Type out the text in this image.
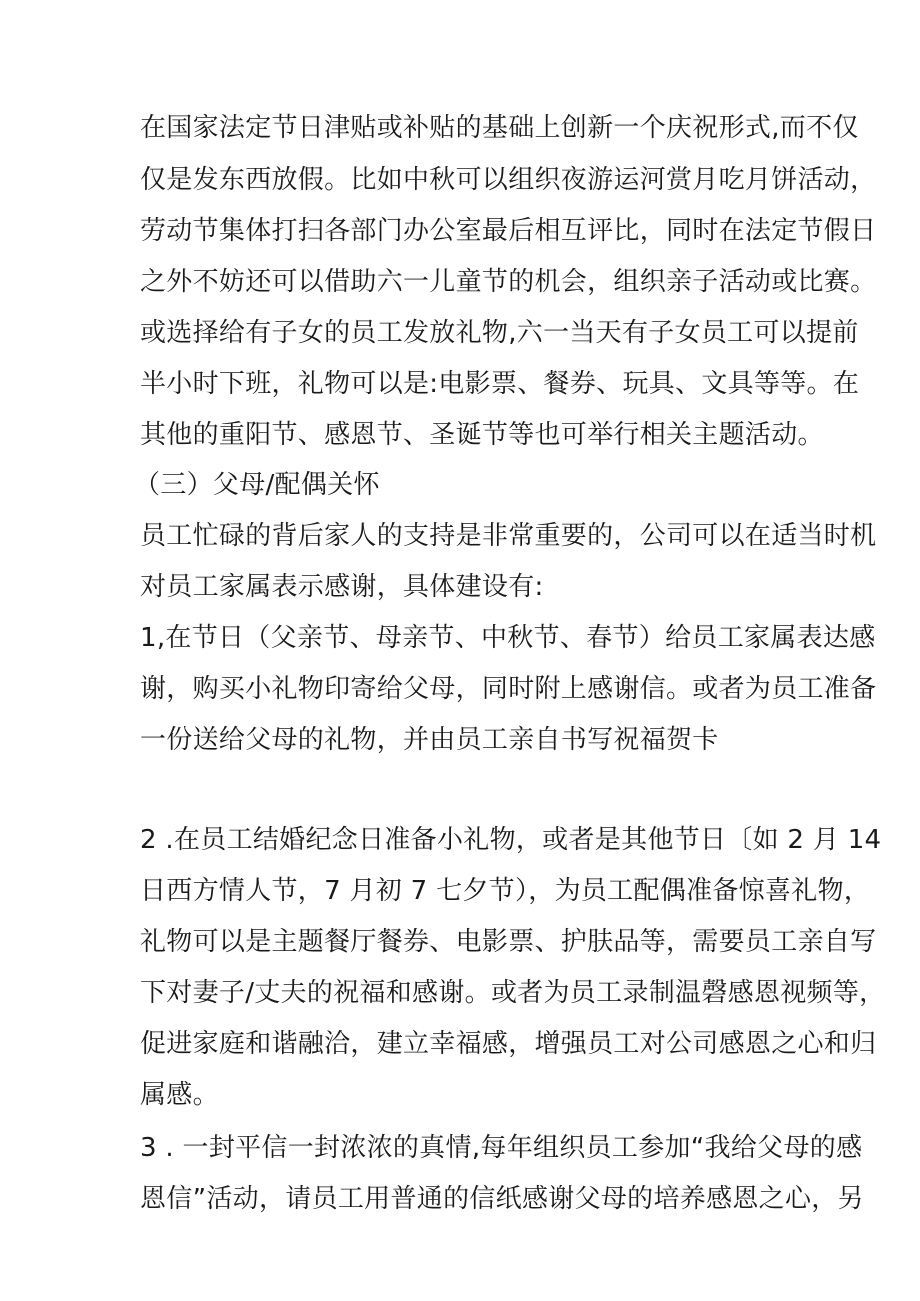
在国家法定节日津贴或补贴的基础上创新一个庆祝形式,而不仅
仅是发东西放假。比如中秋可以组织夜游运河赏月吃月饼活动，
劳动节集体打扫各部门办公室最后相互评比，同时在法定节假日
之外不妨还可以借助六一儿童节的机会，组织亲子活动或比赛。
或选择给有子女的员工发放礼物,六一当天有子女员工可以提前
半小时下班，礼物可以是:电影票、餐券、玩具、文具等等。在
其他的重阳节、感恩节、圣诞节等也可举行相关主题活动。
（三）父母/配偶关怀
员工忙碌的背后家人的支持是非常重要的，公司可以在适当时机
对员工家属表示感谢，具体建设有:
1,在节日（父亲节、母亲节、中秋节、春节）给员工家属表达感
谢，购买小礼物印寄给父母，同时附上感谢信。或者为员工准备
一份送给父母的礼物，并由员工亲自书写祝福贺卡
2 .在员工结婚纪念日准备小礼物，或者是其他节日〔如 2 月 14
日西方情人节，7 月初 7 七夕节），为员工配偶准备惊喜礼物，
礼物可以是主题餐厅餐券、电影票、护肤品等，需要员工亲自写
下对妻子/丈夫的祝福和感谢。或者为员工录制温磬感恩视频等，
促进家庭和谐融洽，建立幸福感，增强员工对公司感恩之心和归
属感。
3 . 一封平信一封浓浓的真情,每年组织员工参加“我给父母的感
恩信”活动，请员工用普通的信纸感谢父母的培养感恩之心，另
